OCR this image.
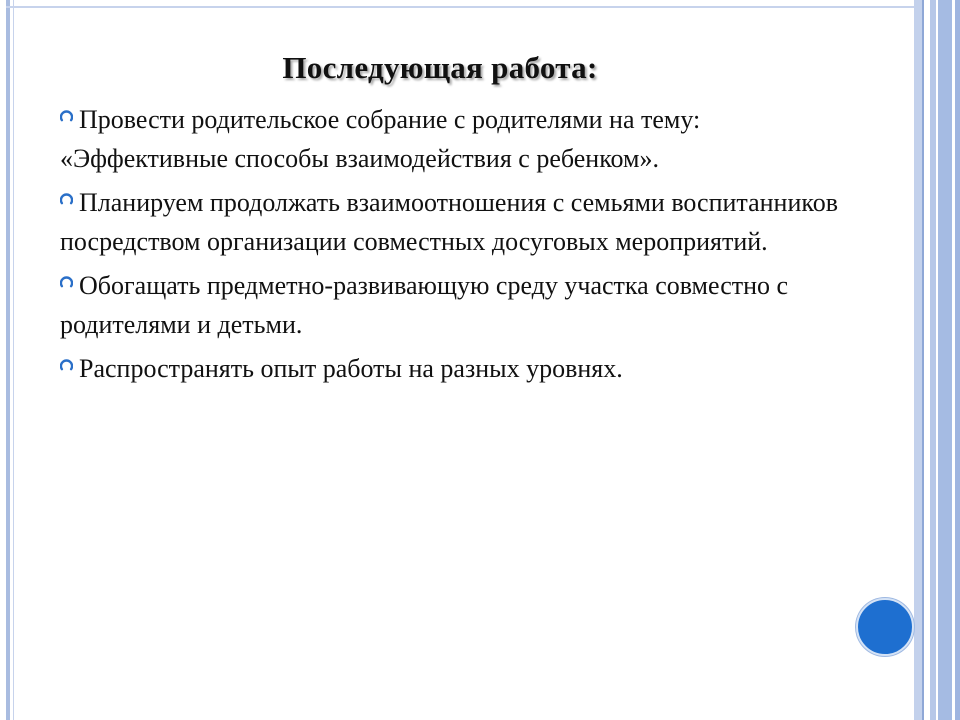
Последующая работа:
Провести родительское собрание с родителями на тему: «Эффективные способы взаимодействия с ребенком».
Планируем продолжать взаимоотношения с семьями воспитанников посредством организации совместных досуговых мероприятий.
Обогащать предметно-развивающую среду участка совместно с родителями и детьми.
Распространять опыт работы на разных уровнях.
